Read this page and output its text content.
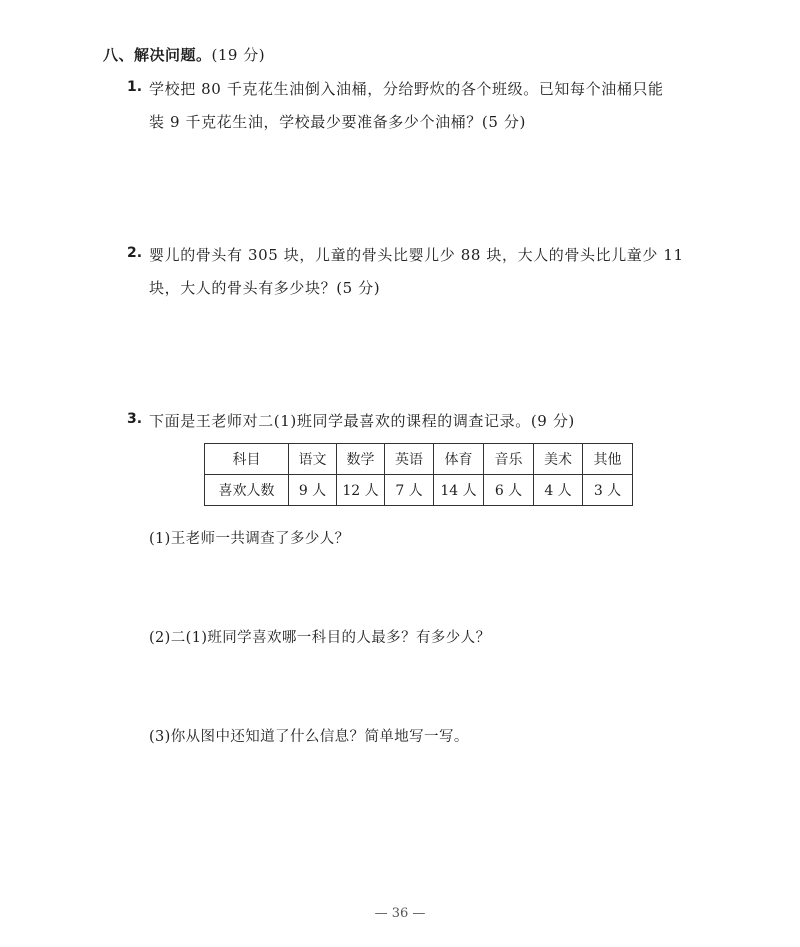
八、解决问题。(19 分)
1. 学校把 80 千克花生油倒入油桶，分给野炊的各个班级。已知每个油桶只能
装 9 千克花生油，学校最少要准备多少个油桶？(5 分)
2. 婴儿的骨头有 305 块，儿童的骨头比婴儿少 88 块，大人的骨头比儿童少 11
块，大人的骨头有多少块？(5 分)
3. 下面是王老师对二(1)班同学最喜欢的课程的调查记录。(9 分)
科目	语文	数学	英语	体育	音乐	美术	其他
喜欢人数	9 人	12 人	7 人	14 人	6 人	4 人	3 人
(1)王老师一共调查了多少人？
(2)二(1)班同学喜欢哪一科目的人最多？有多少人？
(3)你从图中还知道了什么信息？简单地写一写。
— 36 —
